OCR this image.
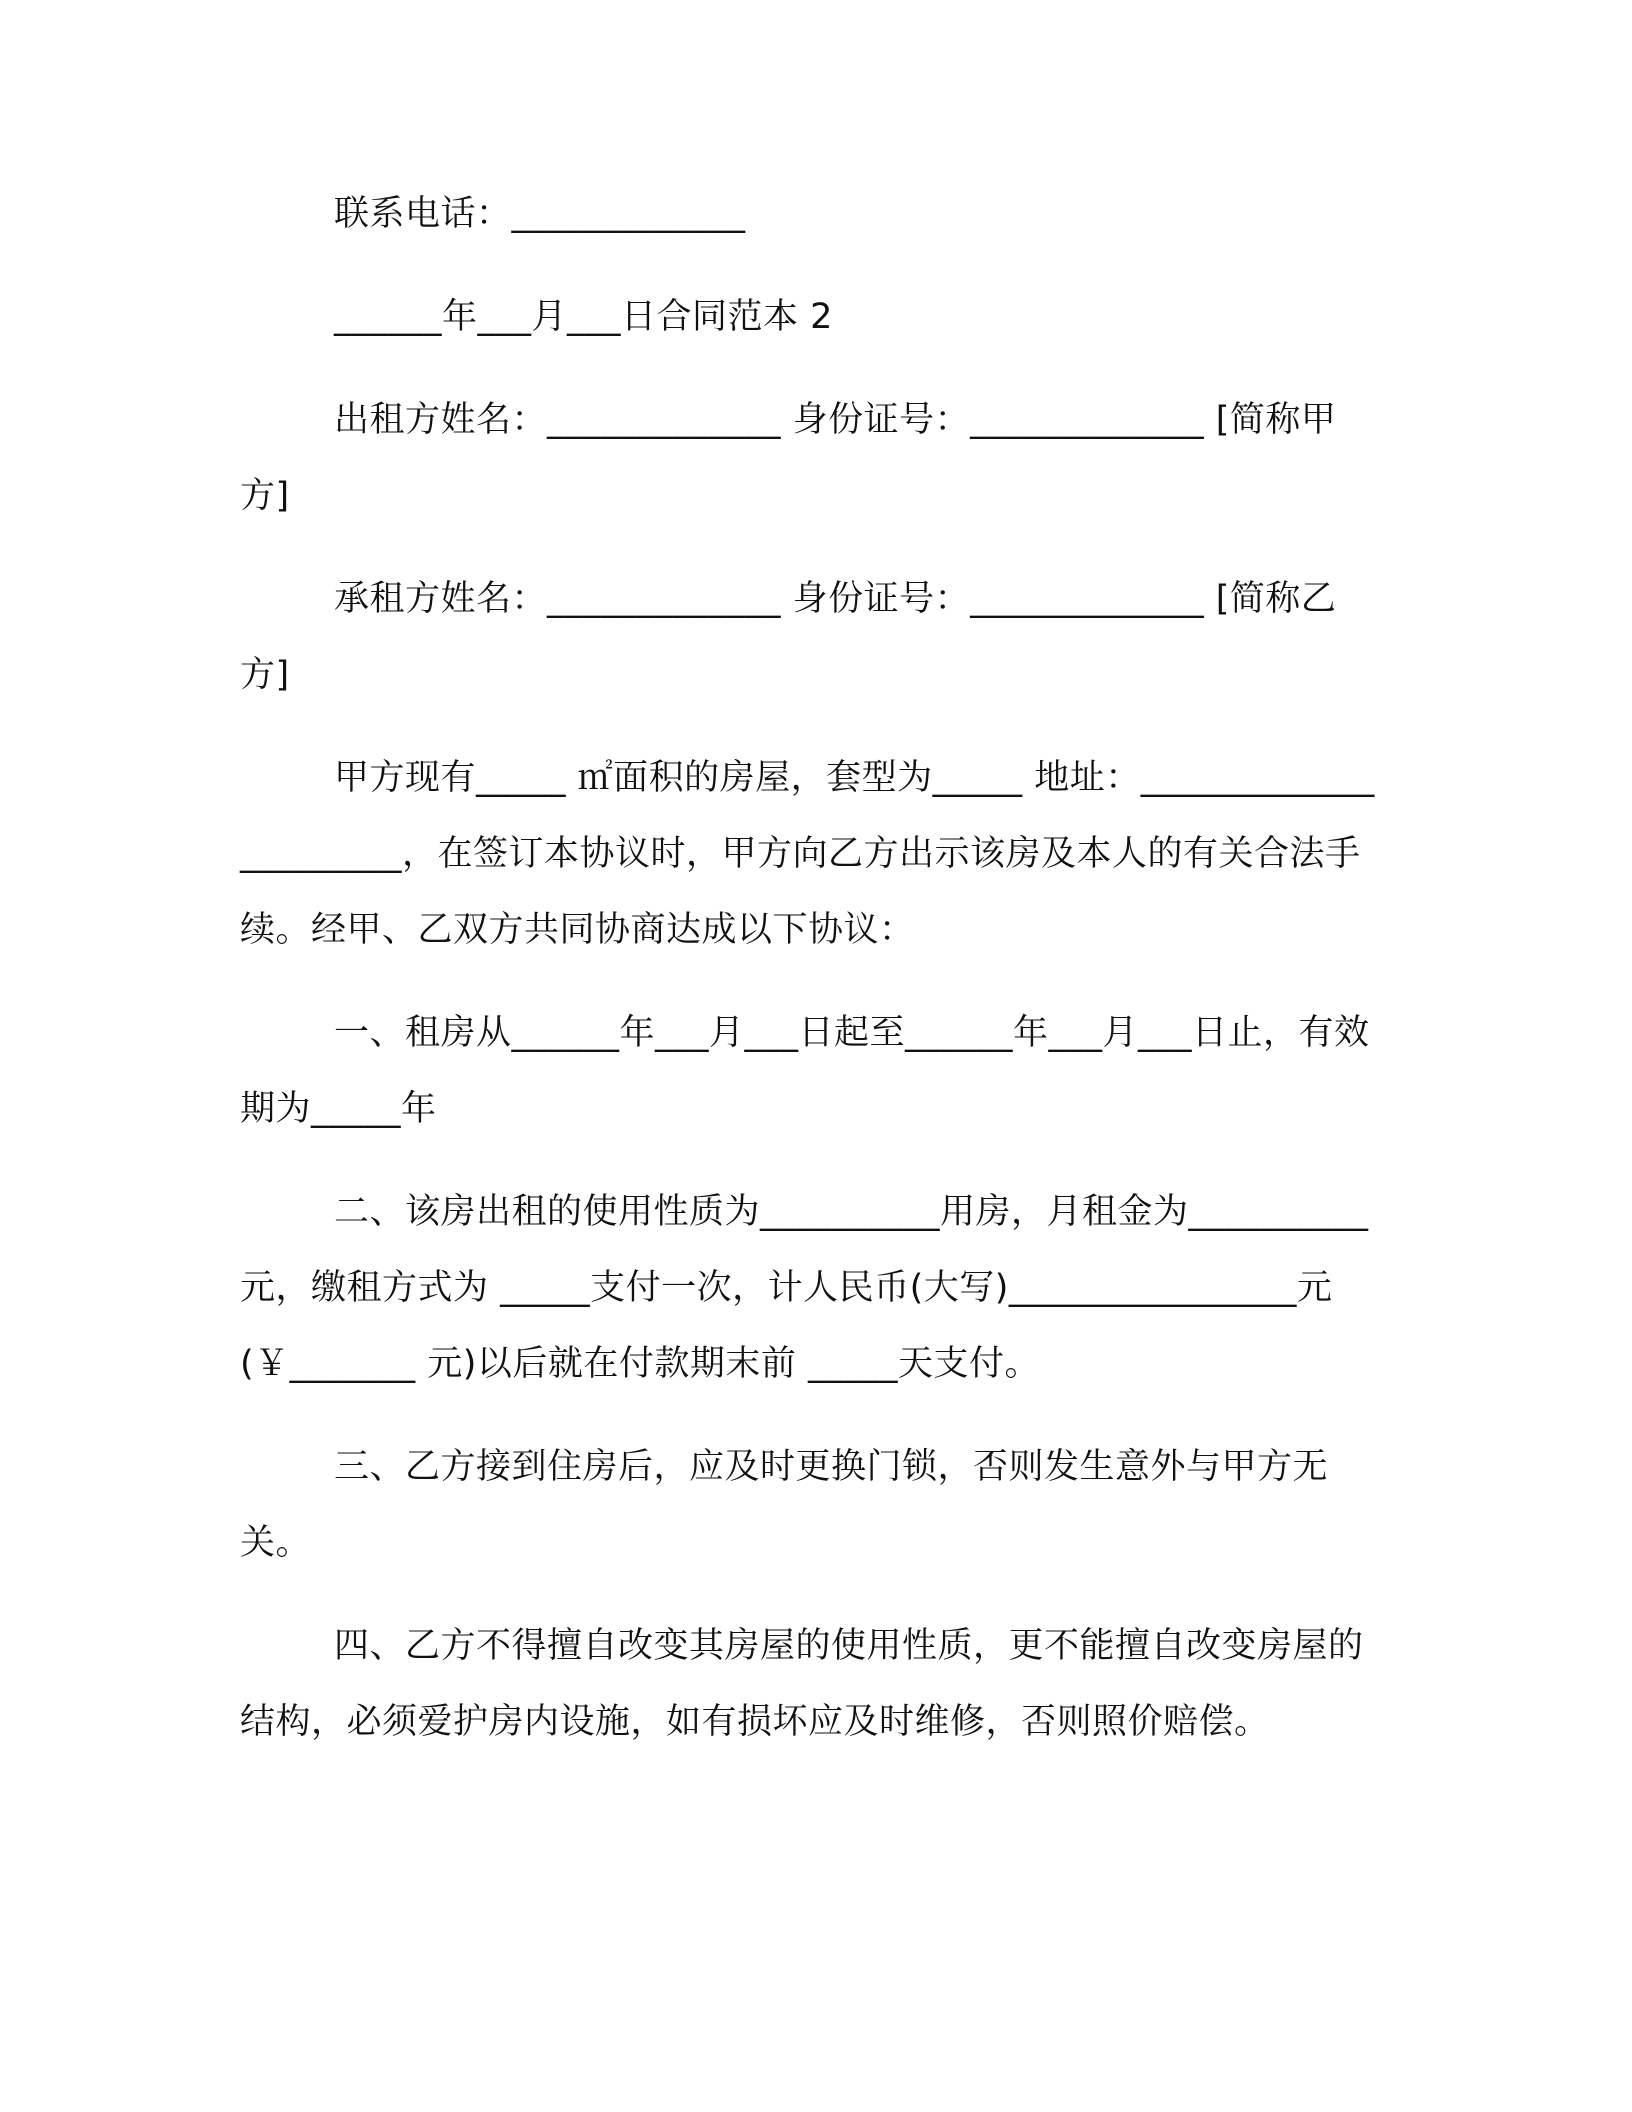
联系电话：_____________

______年___月___日合同范本 2

出租方姓名：_____________ 身份证号：_____________ [简称甲方]

承租方姓名：_____________ 身份证号：_____________ [简称乙方]

甲方现有_____ ㎡面积的房屋，套型为_____ 地址：______________________，在签订本协议时，甲方向乙方出示该房及本人的有关合法手续。经甲、乙双方共同协商达成以下协议：

一、租房从______年___月___日起至______年___月___日止，有效期为_____年

二、该房出租的使用性质为__________用房，月租金为__________ 元，缴租方式为 _____支付一次，计人民币(大写)________________元(￥_______ 元)以后就在付款期末前 _____天支付。

三、乙方接到住房后，应及时更换门锁，否则发生意外与甲方无关。

四、乙方不得擅自改变其房屋的使用性质，更不能擅自改变房屋的结构，必须爱护房内设施，如有损坏应及时维修，否则照价赔偿。
